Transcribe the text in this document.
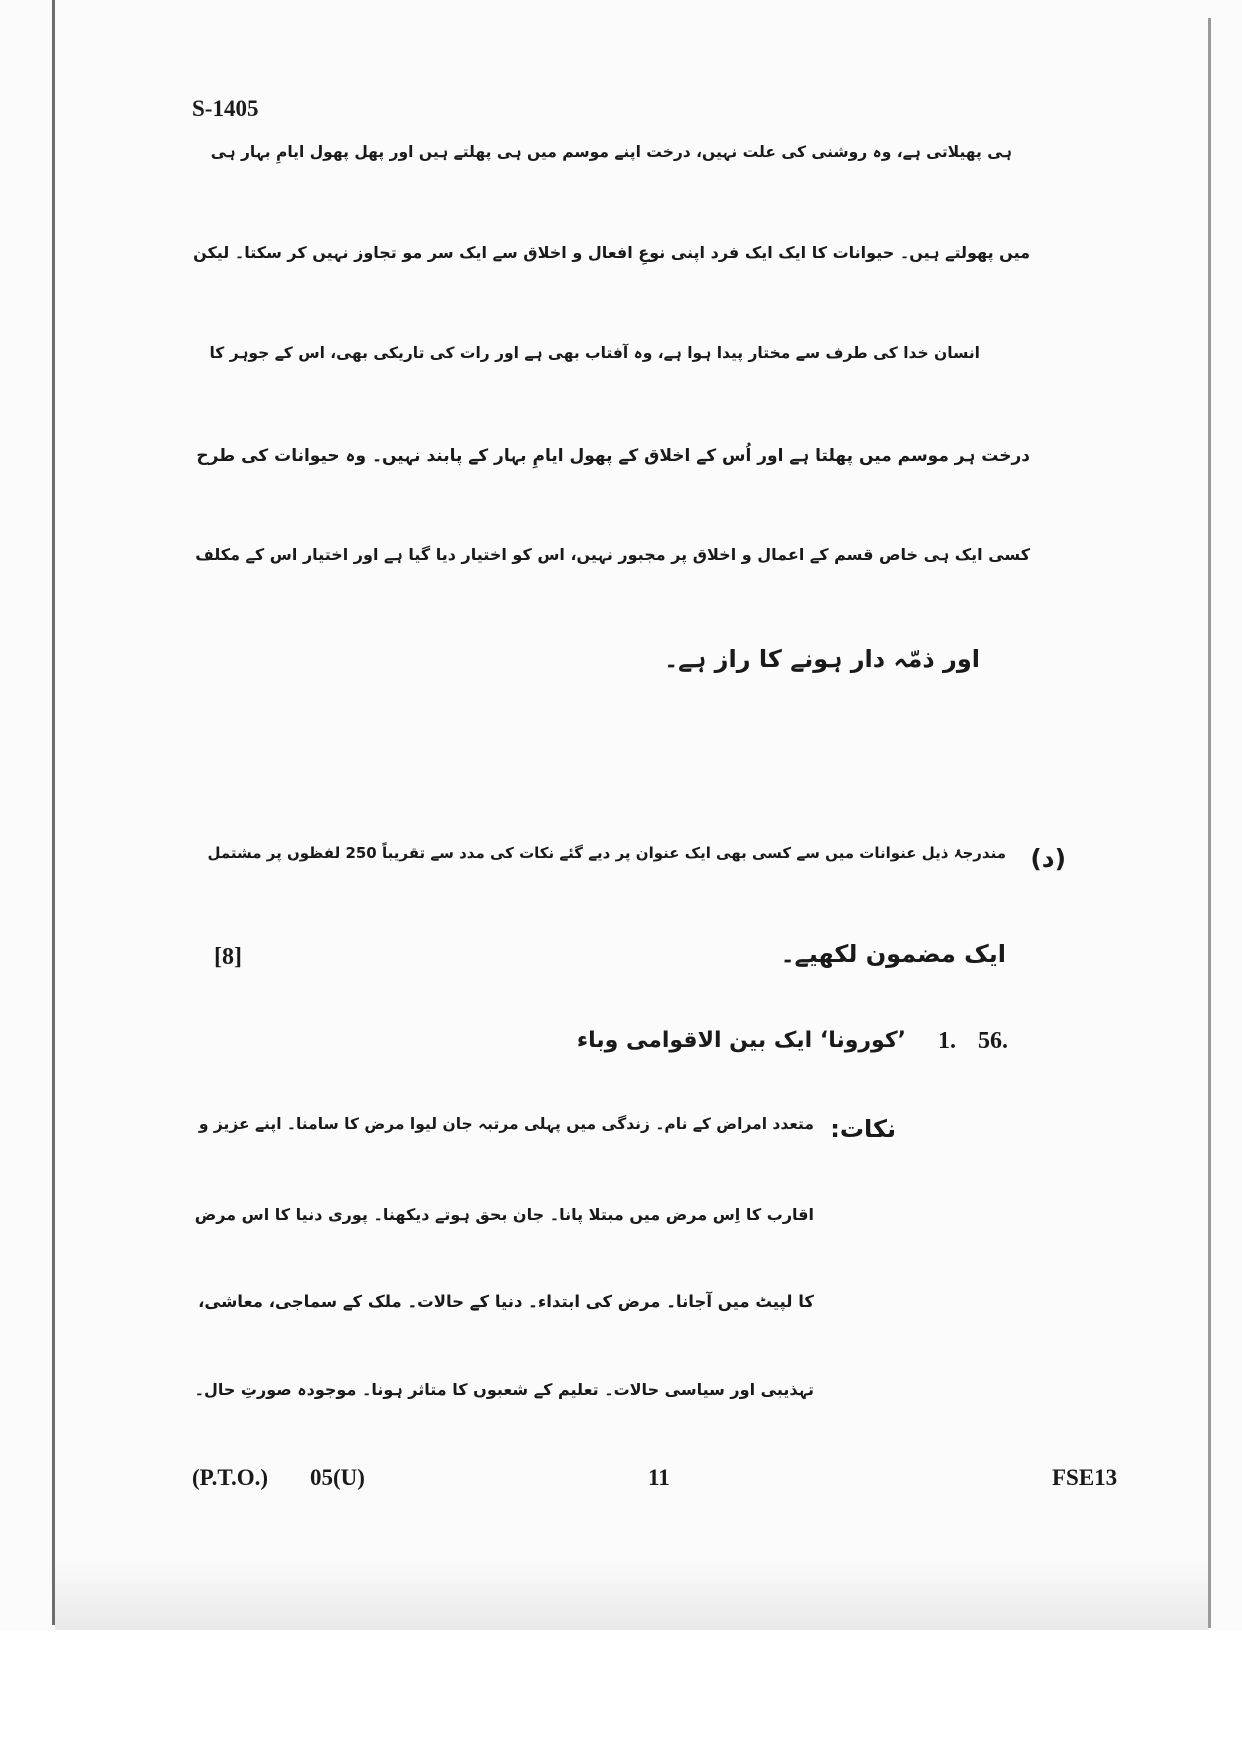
S-1405
ہی پھیلاتی ہے، وہ روشنی کی علت نہیں، درخت اپنے موسم میں ہی پھلتے ہیں اور پھل پھول ایامِ بہار ہی
میں پھولتے ہیں۔ حیوانات کا ایک ایک فرد اپنی نوعِ افعال و اخلاق سے ایک سر مو تجاوز نہیں کر سکتا۔ لیکن
انسان خدا کی طرف سے مختار پیدا ہوا ہے، وہ آفتاب بھی ہے اور رات کی تاریکی بھی، اس کے جوہر کا
درخت ہر موسم میں پھلتا ہے اور اُس کے اخلاق کے پھول ایامِ بہار کے پابند نہیں۔ وہ حیوانات کی طرح
کسی ایک ہی خاص قسم کے اعمال و اخلاق پر مجبور نہیں، اس کو اختیار دیا گیا ہے اور اختیار اس کے مکلف
اور ذمّہ دار ہونے کا راز ہے۔
(د)
مندرجۂ ذیل عنوانات میں سے کسی بھی ایک عنوان پر دیے گئے نکات کی مدد سے تقریباً 250 لفظوں پر مشتمل
ایک مضمون لکھیے۔
[8]
56.
1.
’کورونا‘ ایک بین الاقوامی وباء
نکات:
متعدد امراض کے نام۔ زندگی میں پہلی مرتبہ جان لیوا مرض کا سامنا۔ اپنے عزیز و
اقارب کا اِس مرض میں مبتلا پانا۔ جان بحق ہوتے دیکھنا۔ پوری دنیا کا اس مرض
کا لپیٹ میں آجانا۔ مرض کی ابتداء۔ دنیا کے حالات۔ ملک کے سماجی، معاشی،
تہذیبی اور سیاسی حالات۔ تعلیم کے شعبوں کا متاثر ہونا۔ موجودہ صورتِ حال۔
(P.T.O.) 05(U)	11	FSE13
